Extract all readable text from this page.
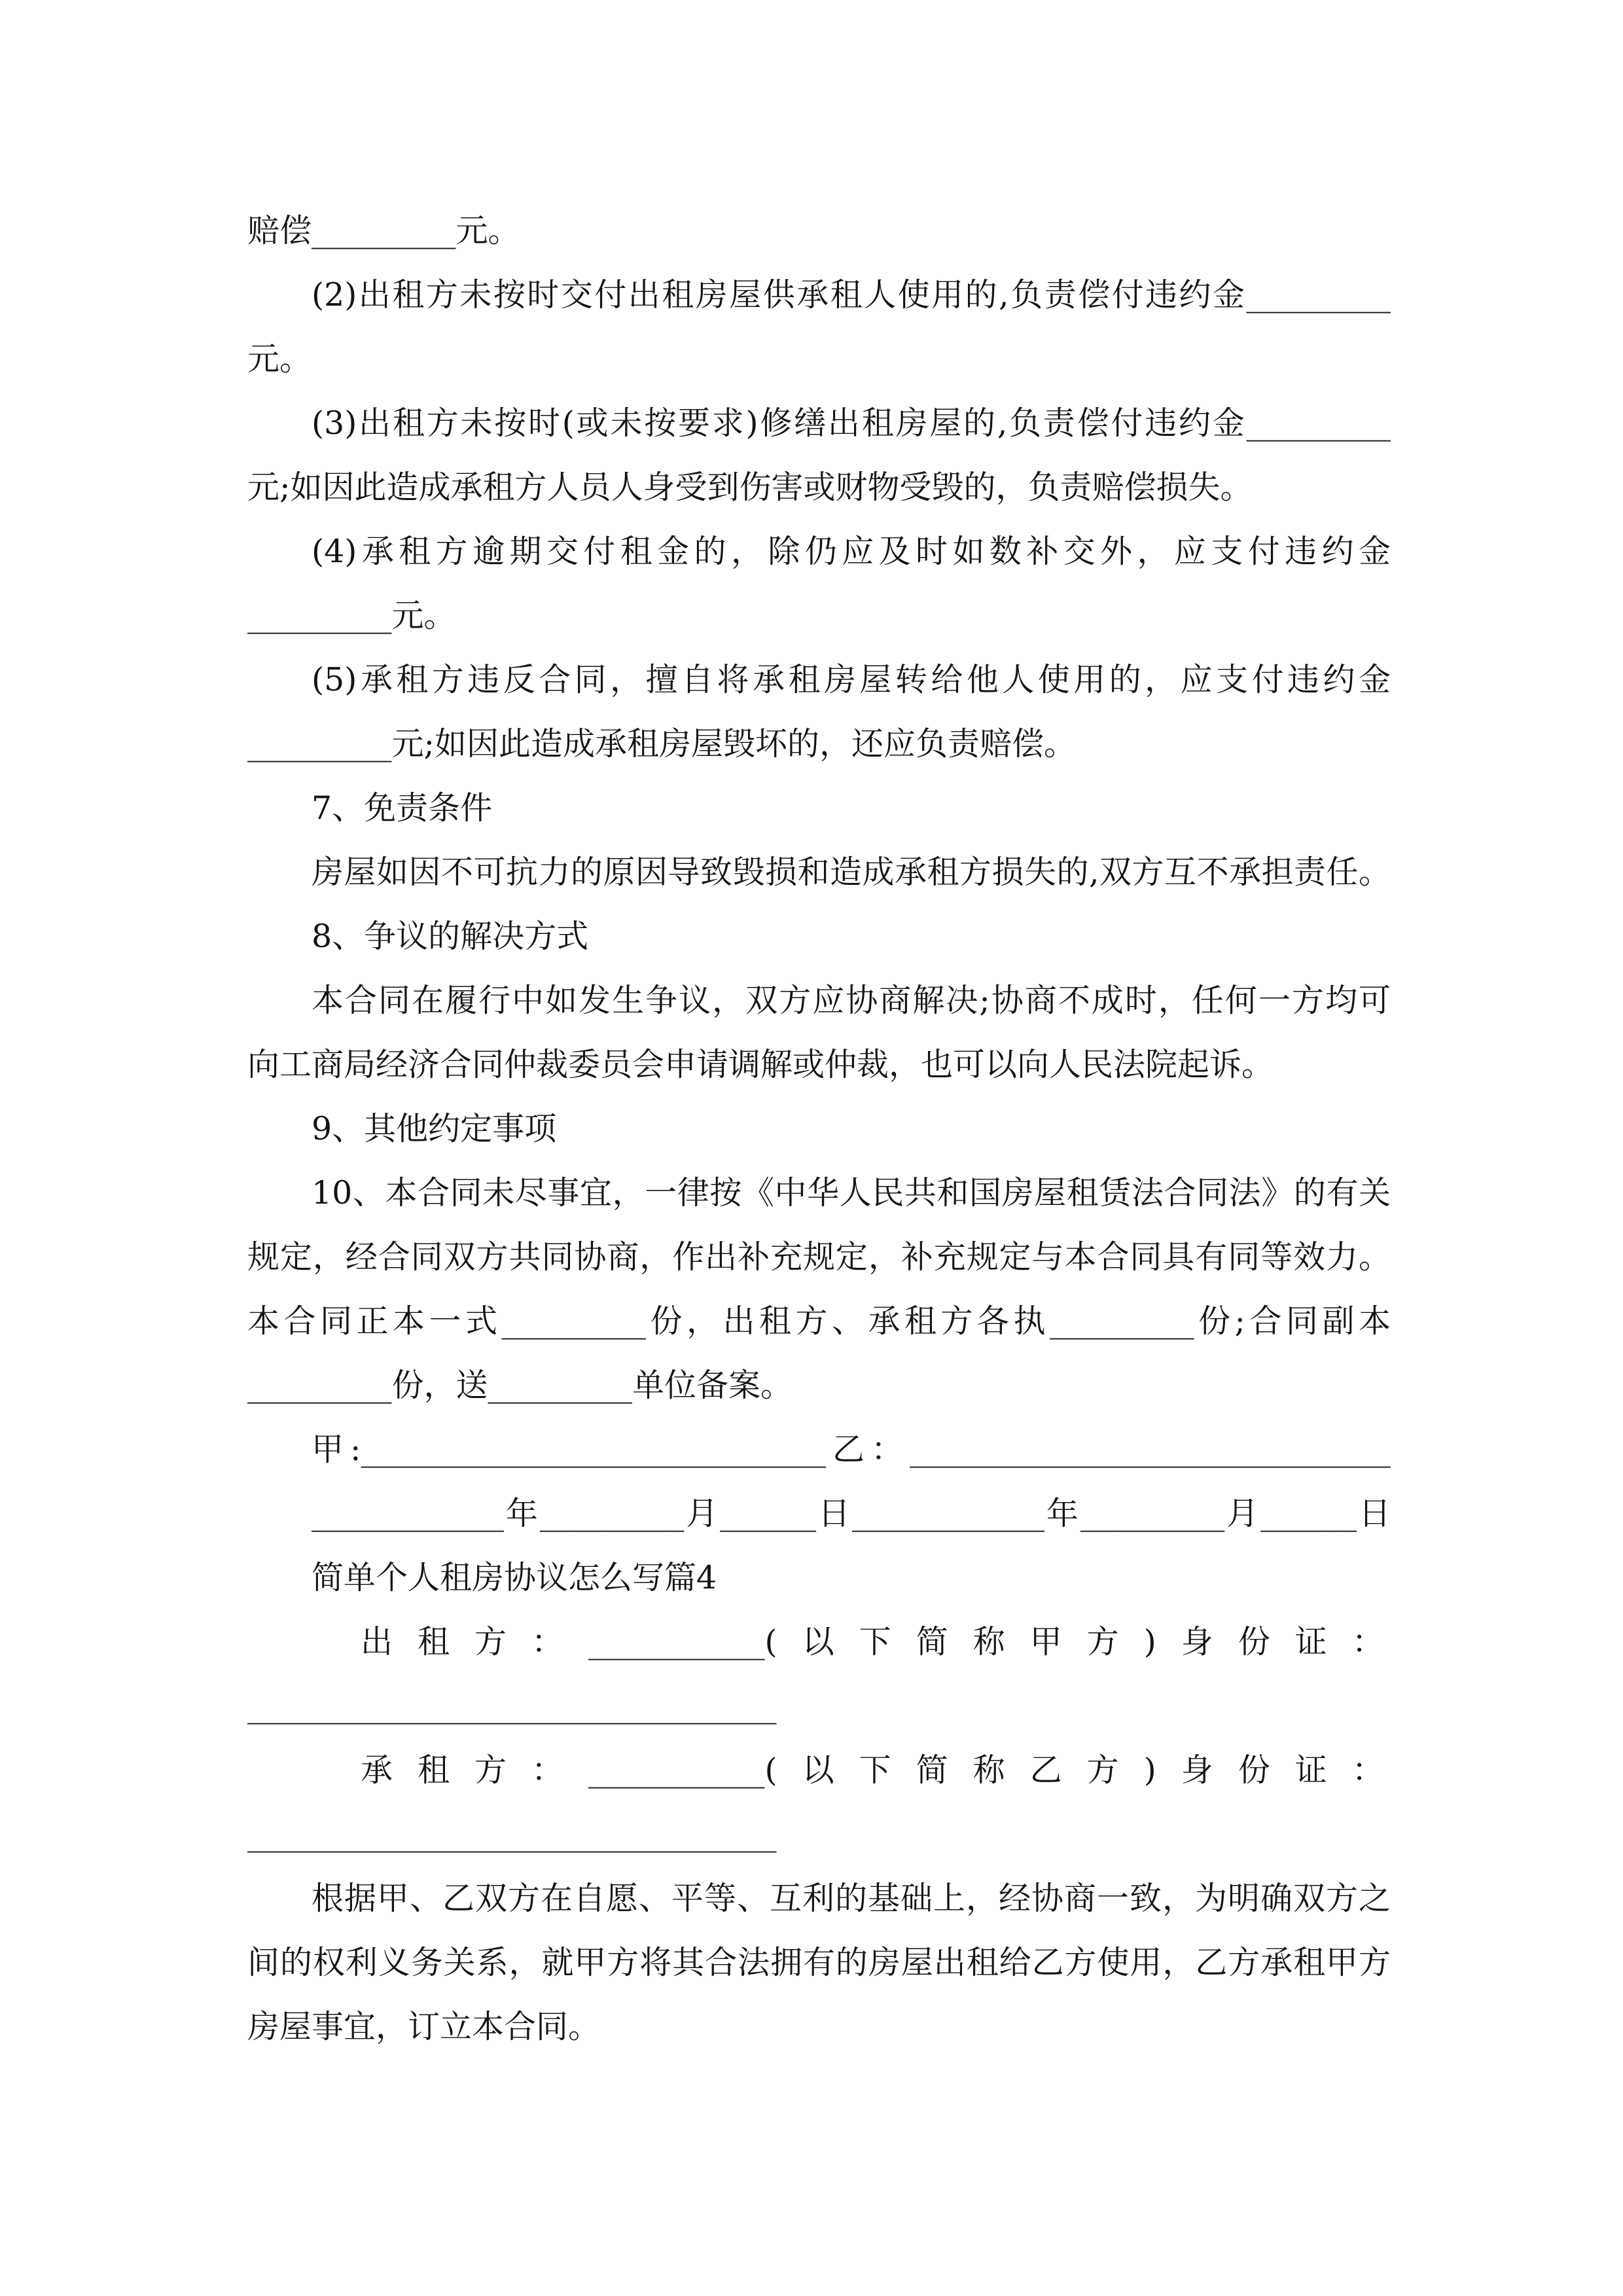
赔偿_________元。
(2)出租方未按时交付出租房屋供承租人使用的,负责偿付违约金_________
元。
(3)出租方未按时(或未按要求)修缮出租房屋的,负责偿付违约金_________
元;如因此造成承租方人员人身受到伤害或财物受毁的，负责赔偿损失。
(4)承租方逾期交付租金的，除仍应及时如数补交外，应支付违约金
_________元。
(5)承租方违反合同，擅自将承租房屋转给他人使用的，应支付违约金
_________元;如因此造成承租房屋毁坏的，还应负责赔偿。
7、免责条件
房屋如因不可抗力的原因导致毁损和造成承租方损失的,双方互不承担责任。
8、争议的解决方式
本合同在履行中如发生争议，双方应协商解决;协商不成时，任何一方均可
向工商局经济合同仲裁委员会申请调解或仲裁，也可以向人民法院起诉。
9、其他约定事项
10、本合同未尽事宜，一律按《中华人民共和国房屋租赁法合同法》的有关
规定，经合同双方共同协商，作出补充规定，补充规定与本合同具有同等效力。
本合同正本一式_________份，出租方、承租方各执_________份;合同副本
_________份，送_________单位备案。
甲:_____________________________乙：______________________________
____________年_________月______日____________年_________月______日
简单个人租房协议怎么写篇4
出租方：___________(以下简称甲方)身份证：
_________________________________
承租方：___________(以下简称乙方)身份证：
_________________________________
根据甲、乙双方在自愿、平等、互利的基础上，经协商一致，为明确双方之
间的权利义务关系，就甲方将其合法拥有的房屋出租给乙方使用，乙方承租甲方
房屋事宜，订立本合同。
